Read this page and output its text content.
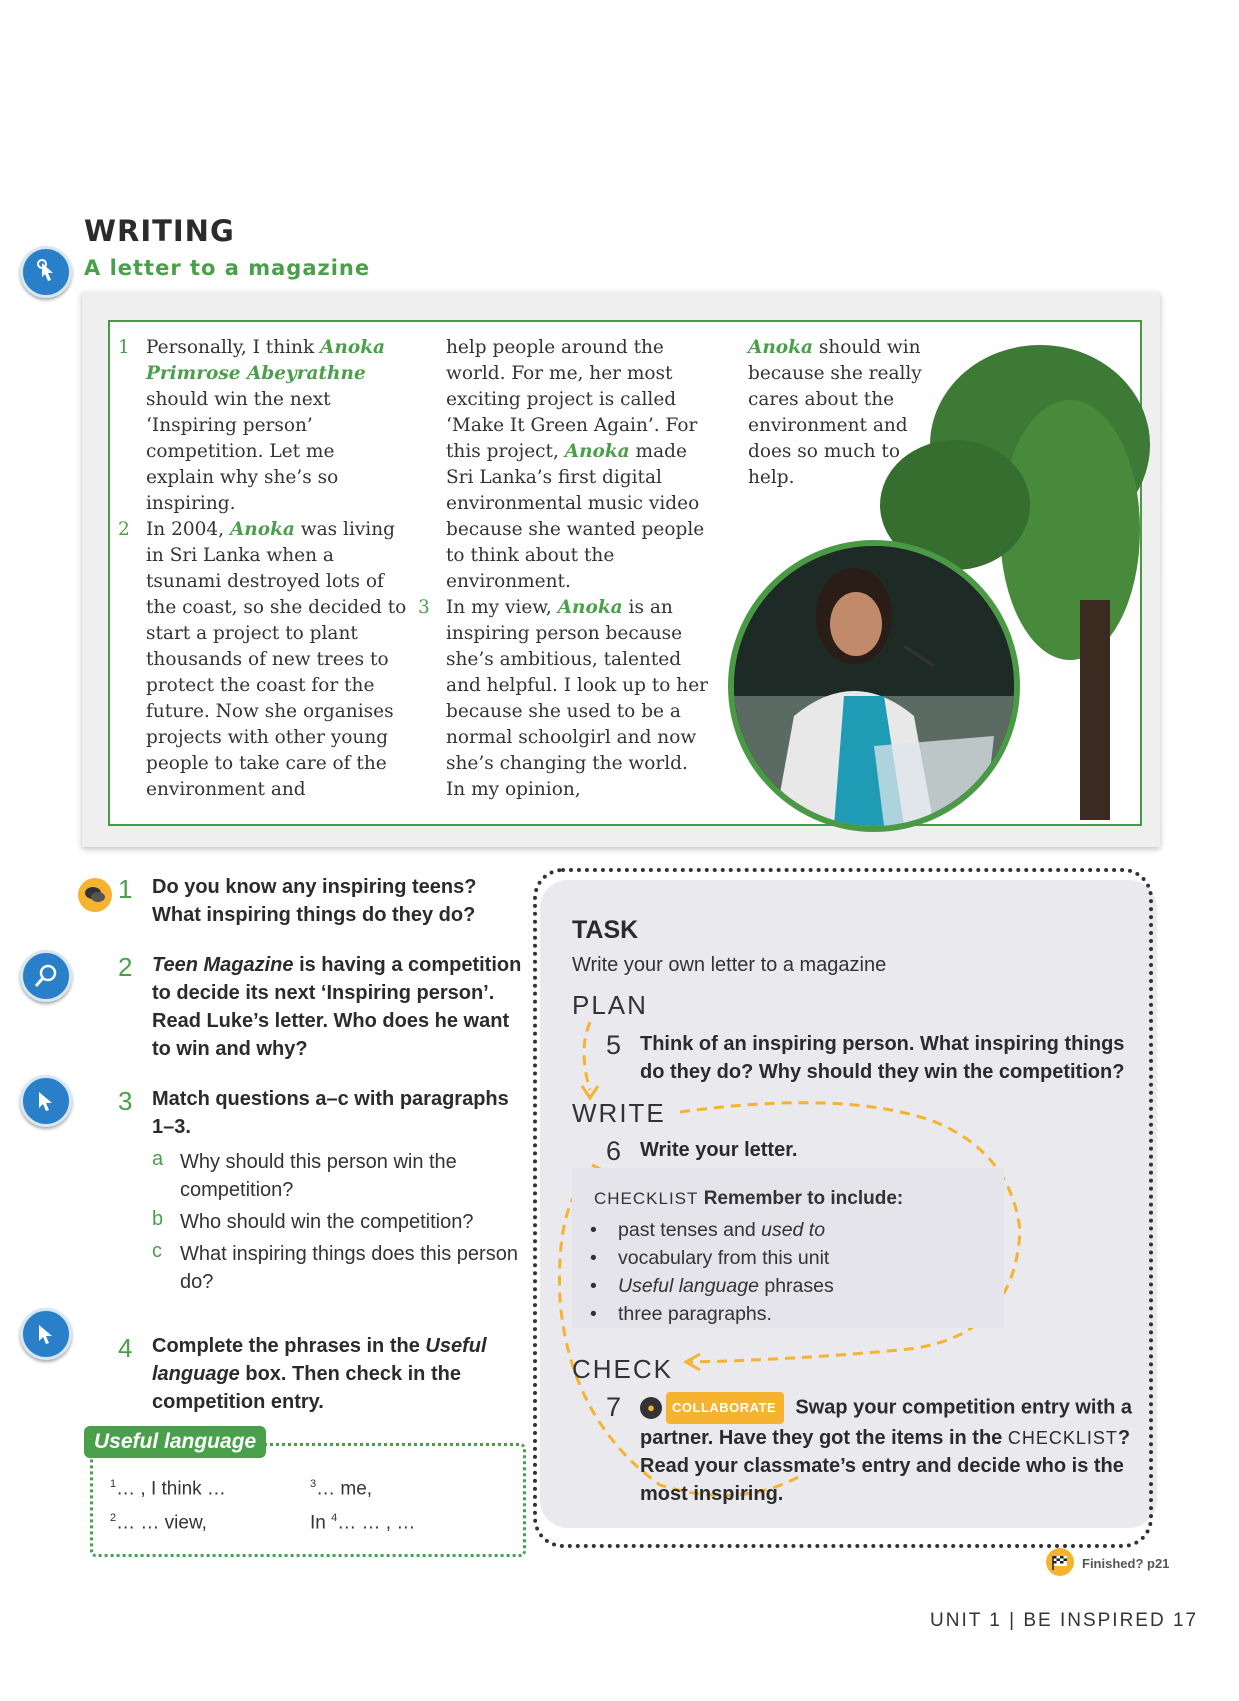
WRITING
A letter to a magazine

1 Personally, I think Anoka Primrose Abeyrathne should win the next ‘Inspiring person’ competition. Let me explain why she’s so inspiring.

2 In 2004, Anoka was living in Sri Lanka when a tsunami destroyed lots of the coast, so she decided to start a project to plant thousands of new trees to protect the coast for the future. Now she organises projects with other young people to take care of the environment and

help people around the world. For me, her most exciting project is called ‘Make It Green Again’. For this project, Anoka made Sri Lanka’s first digital environmental music video because she wanted people to think about the environment.

3 In my view, Anoka is an inspiring person because she’s ambitious, talented and helpful. I look up to her because she used to be a normal schoolgirl and now she’s changing the world. In my opinion,

Anoka should win because she really cares about the environment and does so much to help.

1 Do you know any inspiring teens? What inspiring things do they do?
2 Teen Magazine is having a competition to decide its next ‘Inspiring person’. Read Luke’s letter. Who does he want to win and why?
3 Match questions a–c with paragraphs 1–3.
a Why should this person win the competition?
b Who should win the competition?
c What inspiring things does this person do?
4 Complete the phrases in the Useful language box. Then check in the competition entry.
Useful language
$^1$… , I think …
$^2$… … view,
$^3$… me,
In $^4$… … , …
TASK
Write your own letter to a magazine
PLAN
5 Think of an inspiring person. What inspiring things do they do? Why should they win the competition?
WRITE
6 Write your letter.
CHECKLIST Remember to include:
• past tenses and used to
• vocabulary from this unit
• Useful language phrases
• three paragraphs.
CHECK
7	● COLLABORATE Swap your competition entry with a partner. Have they got the items in the CHECKLIST? Read your classmate’s entry and decide who is the most inspiring.
Finished? p21
UNIT 1 | BE INSPIRED 17
